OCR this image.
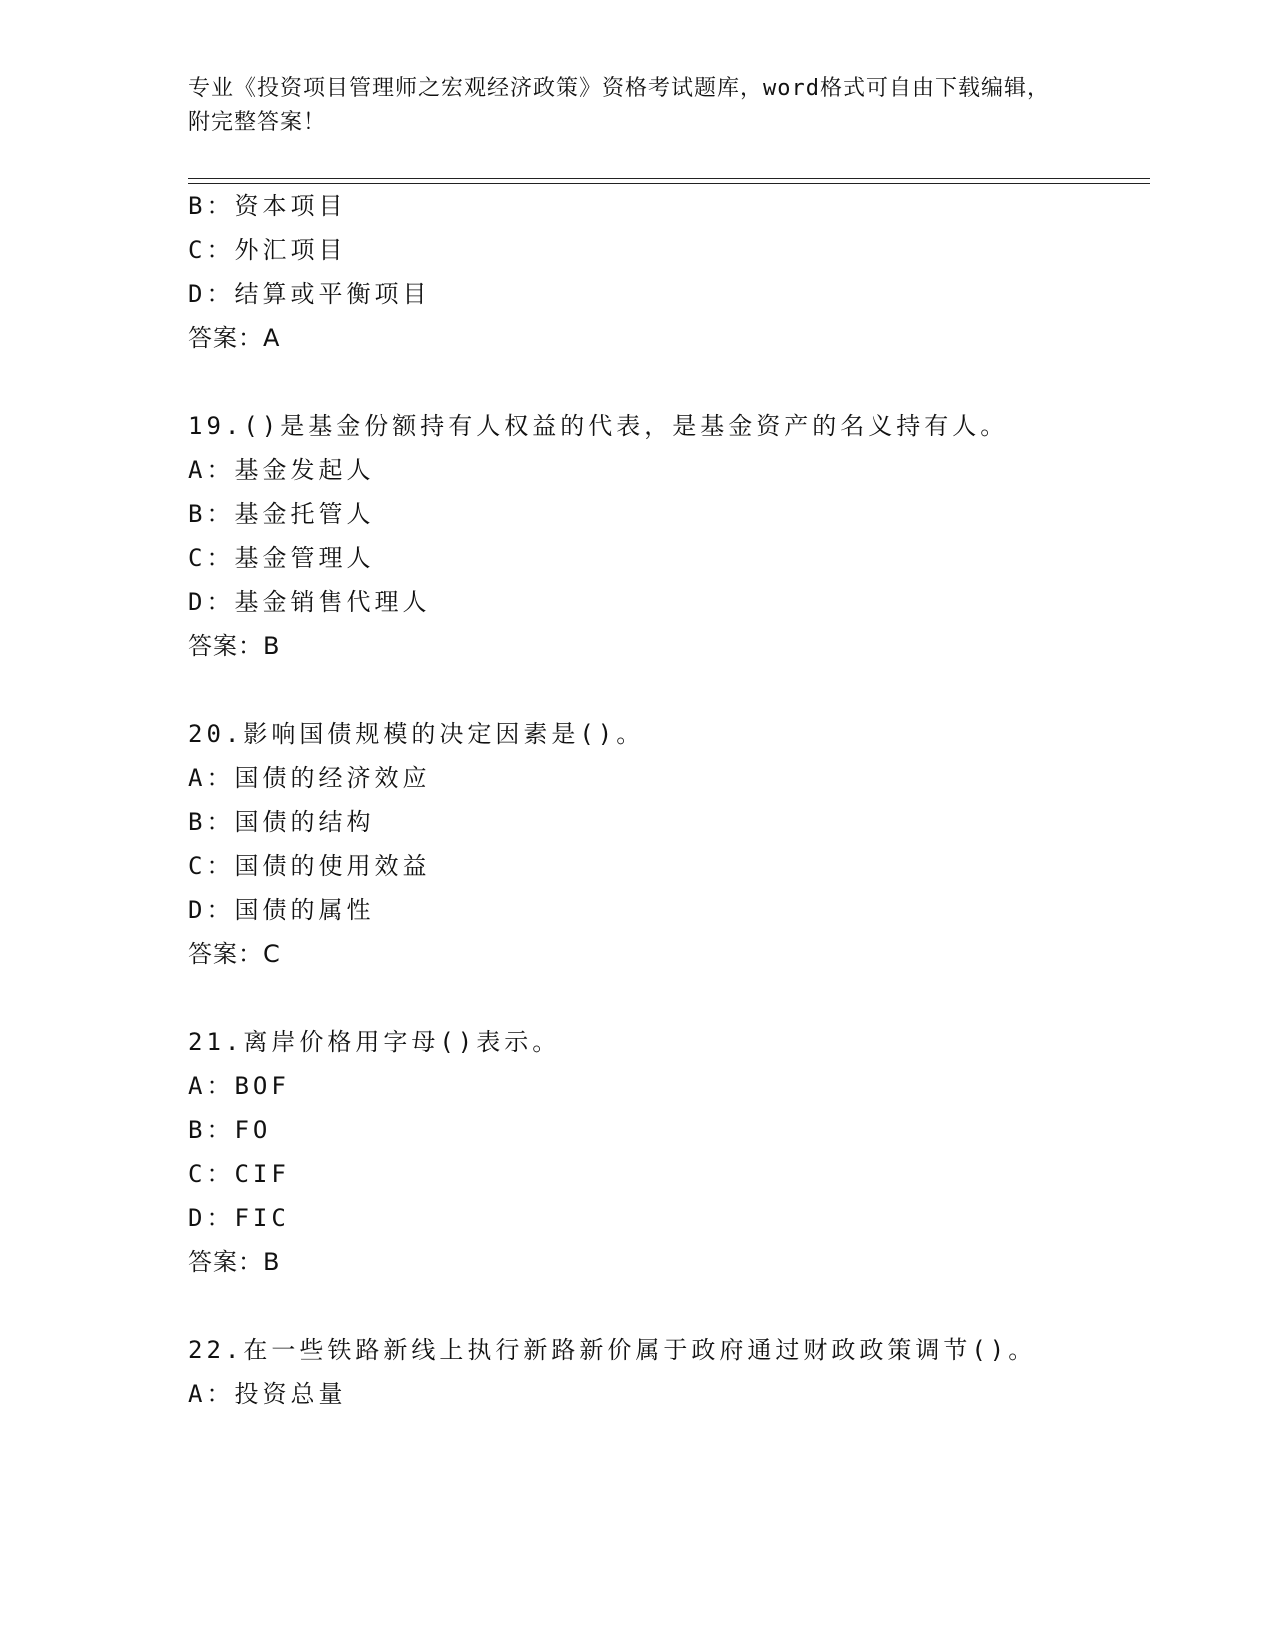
专业《投资项目管理师之宏观经济政策》资格考试题库，word格式可自由下载编辑，附完整答案！
B：资本项目
C：外汇项目
D：结算或平衡项目
答案：A
19.()是基金份额持有人权益的代表，是基金资产的名义持有人。
A：基金发起人
B：基金托管人
C：基金管理人
D：基金销售代理人
答案：B
20.影响国债规模的决定因素是()。
A：国债的经济效应
B：国债的结构
C：国债的使用效益
D：国债的属性
答案：C
21.离岸价格用字母()表示。
A：BOF
B：FO
C：CIF
D：FIC
答案：B
22.在一些铁路新线上执行新路新价属于政府通过财政政策调节()。
A：投资总量
